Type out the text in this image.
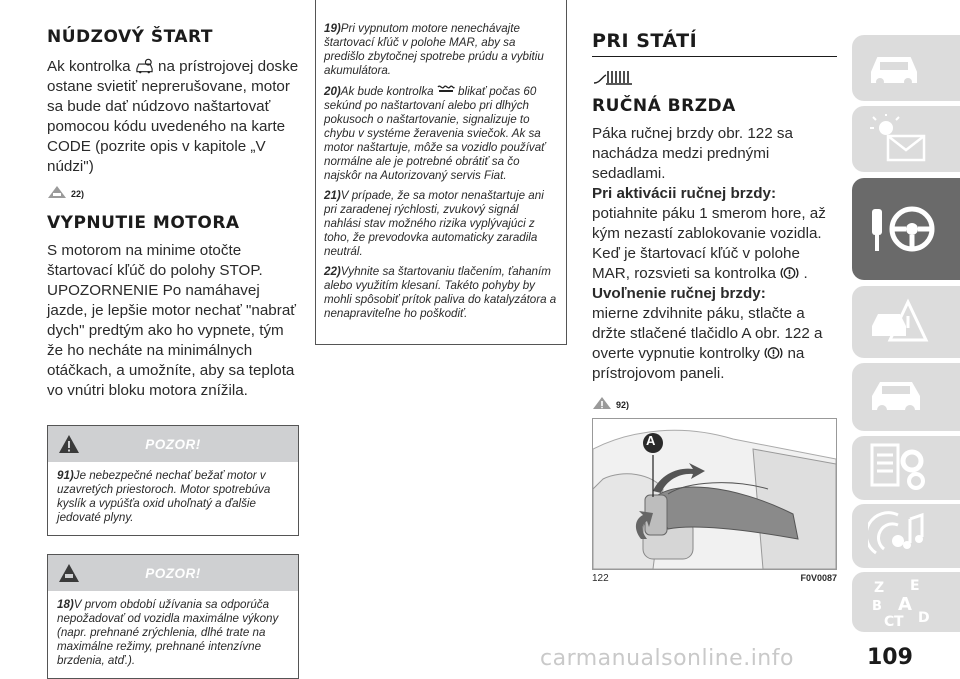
NÚDZOVÝ ŠTART

Ak kontrolka na prístrojovej doske ostane svietiť neprerušovane, motor sa bude dať núdzovo naštartovať pomocou kódu uvedeného na karte CODE (pozrite opis v kapitole „V núdzi")

22)
VYPNUTIE MOTORA

S motorom na minime otočte štartovací kľúč do polohy STOP.

UPOZORNENIE Po namáhavej jazde, je lepšie motor nechať "nabrať dych" predtým ako ho vypnete, tým že ho necháte na minimálnych otáčkach, a umožníte, aby sa teplota vo vnútri bloku motora znížila.

POZOR!
91)Je nebezpečné nechať bežať motor v uzavretých priestoroch. Motor spotrebúva kyslík a vypúšťa oxid uhoľnatý a ďalšie jedovaté plyny.
POZOR!
18)V prvom období užívania sa odporúča nepožadovať od vozidla maximálne výkony (napr. prehnané zrýchlenia, dlhé trate na maximálne režimy, prehnané intenzívne brzdenia, atď.).

19)Pri vypnutom motore nenechávajte štartovací kľúč v polohe MAR, aby sa predišlo zbytočnej spotrebe prúdu a vybitiu akumulátora.

20)Ak bude kontrolka blikať počas 60 sekúnd po naštartovaní alebo pri dlhých pokusoch o naštartovanie, signalizuje to chybu v systéme žeravenia sviečok. Ak sa motor naštartuje, môže sa vozidlo používať normálne ale je potrebné obrátiť sa čo najskôr na Autorizovaný servis Fiat.

21)V prípade, že sa motor nenaštartuje ani pri zaradenej rýchlosti, zvukový signál nahlási stav možného rizika vyplývajúci z toho, že prevodovka automaticky zaradila neutrál.

22)Vyhnite sa štartovaniu tlačením, ťahaním alebo využitím klesaní. Takéto pohyby by mohli spôsobiť prítok paliva do katalyzátora a nenapraviteľne ho poškodiť.

PRI STÁTÍ
RUČNÁ BRZDA

Páka ručnej brzdy obr. 122 sa nachádza medzi prednými sedadlami.

Pri aktivácii ručnej brzdy:

potiahnite páku 1 smerom hore, až kým nezastí zablokovanie vozidla. Keď je štartovací kľúč v polohe MAR, rozsvieti sa kontrolka .

Uvoľnenie ručnej brzdy:

mierne zdvihnite páku, stlačte a držte stlačené tlačidlo A obr. 122 a overte vypnutie kontrolky na prístrojovom paneli.

92)
A
122	F0V0087
Z E
B A
C T D
109
carmanualsonline.info
